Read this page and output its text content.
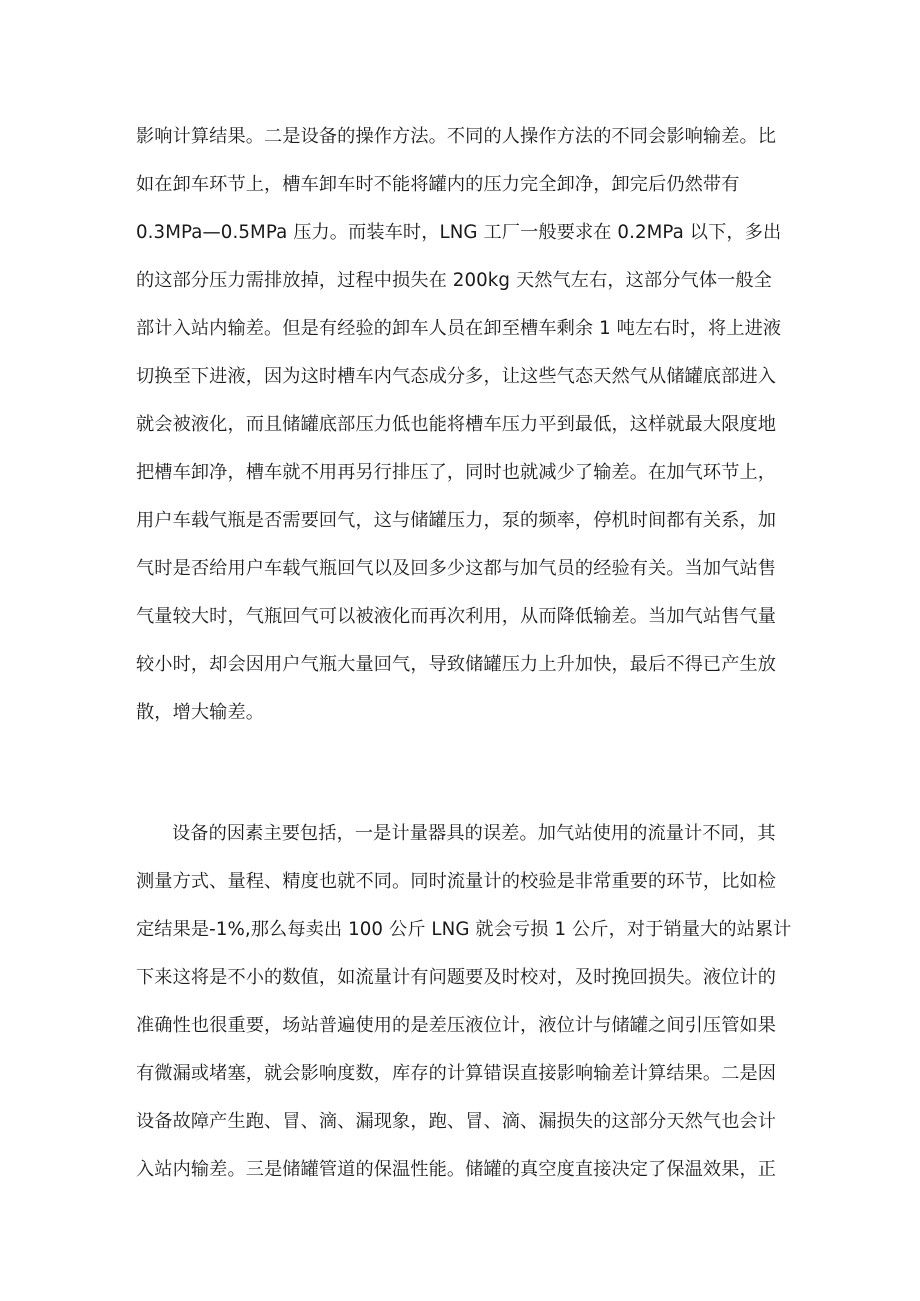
影响计算结果。二是设备的操作方法。不同的人操作方法的不同会影响输差。比
如在卸车环节上，槽车卸车时不能将罐内的压力完全卸净，卸完后仍然带有
0.3MPa—0.5MPa 压力。而装车时，LNG 工厂一般要求在 0.2MPa 以下，多出
的这部分压力需排放掉，过程中损失在 200kg 天然气左右，这部分气体一般全
部计入站内输差。但是有经验的卸车人员在卸至槽车剩余 1 吨左右时，将上进液
切换至下进液，因为这时槽车内气态成分多，让这些气态天然气从储罐底部进入
就会被液化，而且储罐底部压力低也能将槽车压力平到最低，这样就最大限度地
把槽车卸净，槽车就不用再另行排压了，同时也就减少了输差。在加气环节上，
用户车载气瓶是否需要回气，这与储罐压力，泵的频率，停机时间都有关系，加
气时是否给用户车载气瓶回气以及回多少这都与加气员的经验有关。当加气站售
气量较大时，气瓶回气可以被液化而再次利用，从而降低输差。当加气站售气量
较小时，却会因用户气瓶大量回气，导致储罐压力上升加快，最后不得已产生放
散，增大输差。
设备的因素主要包括，一是计量器具的误差。加气站使用的流量计不同，其
测量方式、量程、精度也就不同。同时流量计的校验是非常重要的环节，比如检
定结果是-1%,那么每卖出 100 公斤 LNG 就会亏损 1 公斤，对于销量大的站累计
下来这将是不小的数值，如流量计有问题要及时校对，及时挽回损失。液位计的
准确性也很重要，场站普遍使用的是差压液位计，液位计与储罐之间引压管如果
有微漏或堵塞，就会影响度数，库存的计算错误直接影响输差计算结果。二是因
设备故障产生跑、冒、滴、漏现象，跑、冒、滴、漏损失的这部分天然气也会计
入站内输差。三是储罐管道的保温性能。储罐的真空度直接决定了保温效果，正
